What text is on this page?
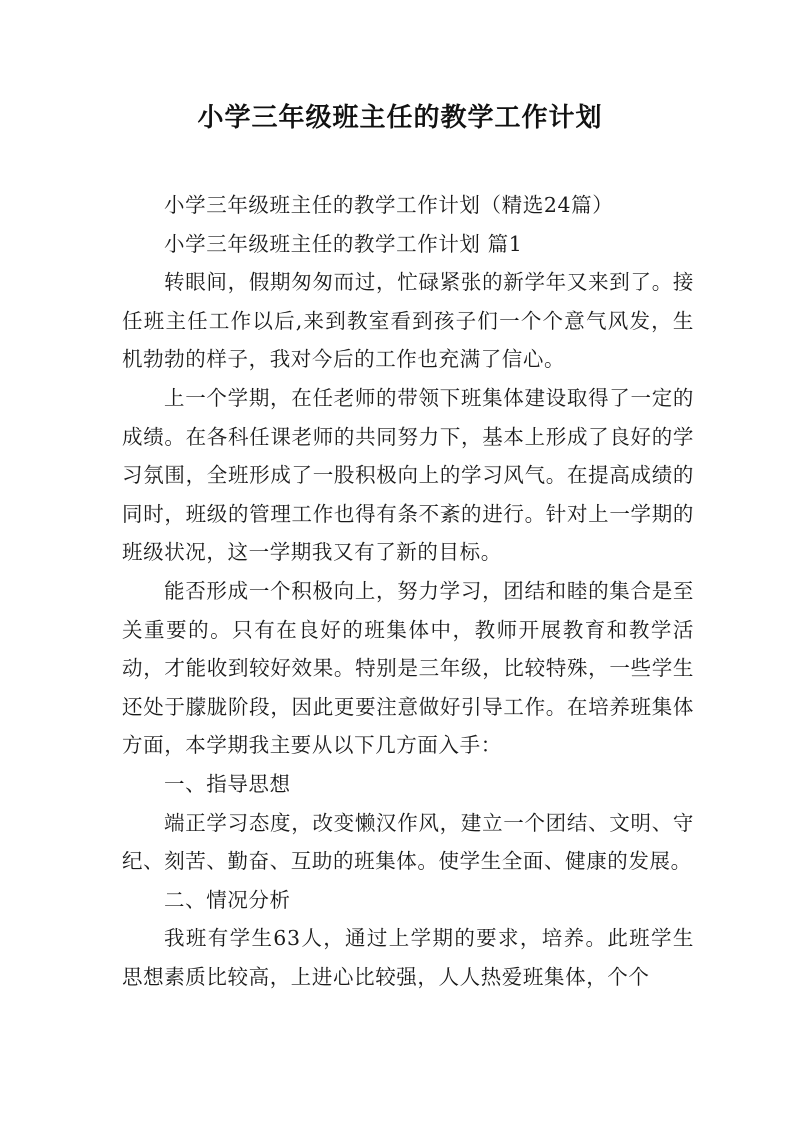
小学三年级班主任的教学工作计划

小学三年级班主任的教学工作计划（精选24篇）

小学三年级班主任的教学工作计划 篇1

转眼间，假期匆匆而过，忙碌紧张的新学年又来到了。接任班主任工作以后,来到教室看到孩子们一个个意气风发，生机勃勃的样子，我对今后的工作也充满了信心。

上一个学期，在任老师的带领下班集体建设取得了一定的成绩。在各科任课老师的共同努力下，基本上形成了良好的学习氛围，全班形成了一股积极向上的学习风气。在提高成绩的同时，班级的管理工作也得有条不紊的进行。针对上一学期的班级状况，这一学期我又有了新的目标。

能否形成一个积极向上，努力学习，团结和睦的集合是至关重要的。只有在良好的班集体中，教师开展教育和教学活动，才能收到较好效果。特别是三年级，比较特殊，一些学生还处于朦胧阶段，因此更要注意做好引导工作。在培养班集体方面，本学期我主要从以下几方面入手：

一、指导思想

端正学习态度，改变懒汉作风，建立一个团结、文明、守纪、刻苦、勤奋、互助的班集体。使学生全面、健康的发展。

二、情况分析

我班有学生63人，通过上学期的要求，培养。此班学生思想素质比较高，上进心比较强，人人热爱班集体，个个
